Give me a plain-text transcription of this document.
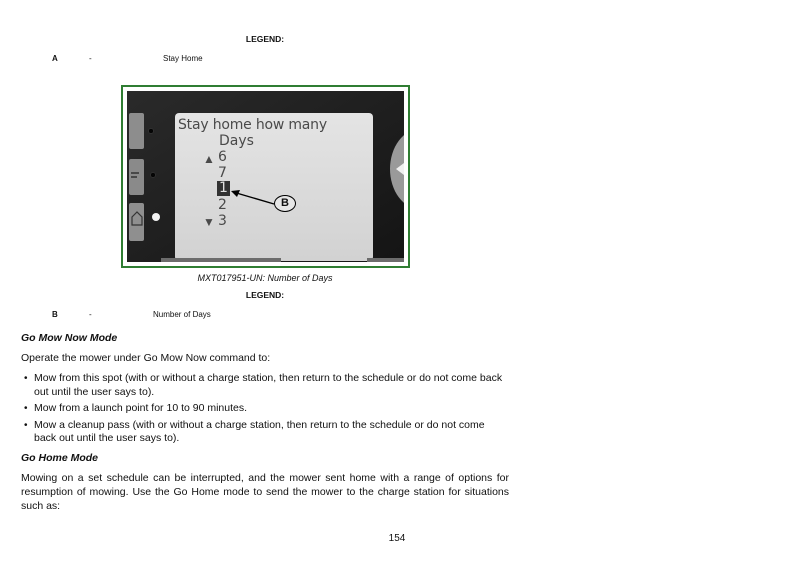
LEGEND:
A	-	Stay Home
Stay home how many
Days
▲ 6
7
1
2
▼ 3
B
MXT017951-UN: Number of Days
LEGEND:
B	-	Number of Days
Go Mow Now Mode
Operate the mower under Go Mow Now command to:
• Mow from this spot (with or without a charge station, then return to the schedule or do not come back out until the user says to).
• Mow from a launch point for 10 to 90 minutes.
• Mow a cleanup pass (with or without a charge station, then return to the schedule or do not come back out until the user says to).
Go Home Mode
Mowing on a set schedule can be interrupted, and the mower sent home with a range of options for resumption of mowing. Use the Go Home mode to send the mower to the charge station for situations such as:
154
